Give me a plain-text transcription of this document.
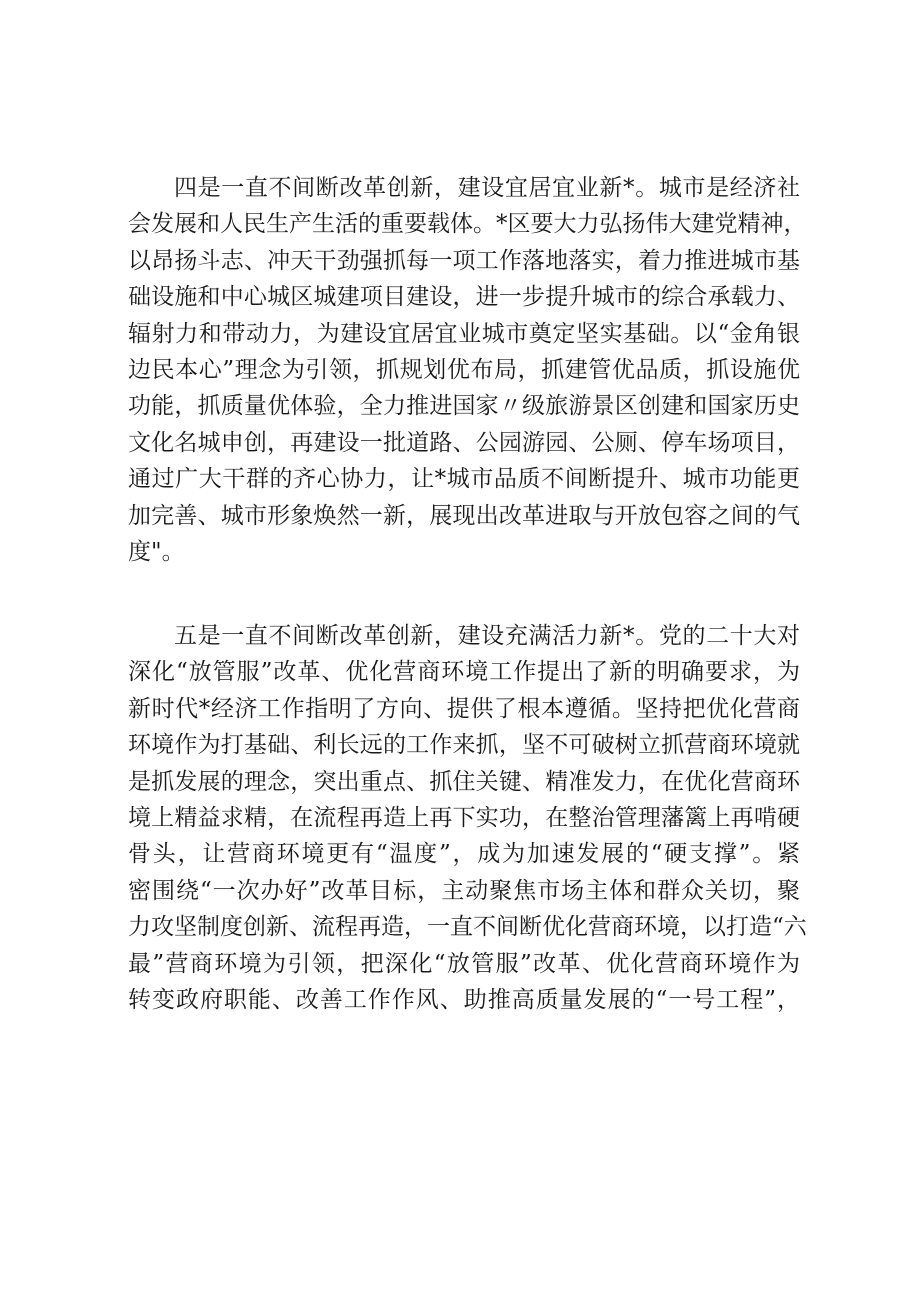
四是一直不间断改革创新，建设宜居宜业新*。城市是经济社
会发展和人民生产生活的重要载体。*区要大力弘扬伟大建党精神，
以昂扬斗志、冲天干劲强抓每一项工作落地落实，着力推进城市基
础设施和中心城区城建项目建设，进一步提升城市的综合承载力、
辐射力和带动力，为建设宜居宜业城市奠定坚实基础。以“金角银
边民本心”理念为引领，抓规划优布局，抓建管优品质，抓设施优
功能，抓质量优体验，全力推进国家〃级旅游景区创建和国家历史
文化名城申创，再建设一批道路、公园游园、公厕、停车场项目，
通过广大干群的齐心协力，让*城市品质不间断提升、城市功能更
加完善、城市形象焕然一新，展现出改革进取与开放包容之间的气
度"。
五是一直不间断改革创新，建设充满活力新*。党的二十大对
深化“放管服”改革、优化营商环境工作提出了新的明确要求，为
新时代*经济工作指明了方向、提供了根本遵循。坚持把优化营商
环境作为打基础、利长远的工作来抓，坚不可破树立抓营商环境就
是抓发展的理念，突出重点、抓住关键、精准发力，在优化营商环
境上精益求精，在流程再造上再下实功，在整治管理藩篱上再啃硬
骨头，让营商环境更有“温度”，成为加速发展的“硬支撑”。紧
密围绕“一次办好”改革目标，主动聚焦市场主体和群众关切，聚
力攻坚制度创新、流程再造，一直不间断优化营商环境，以打造“六
最”营商环境为引领，把深化“放管服”改革、优化营商环境作为
转变政府职能、改善工作作风、助推高质量发展的“一号工程”，
